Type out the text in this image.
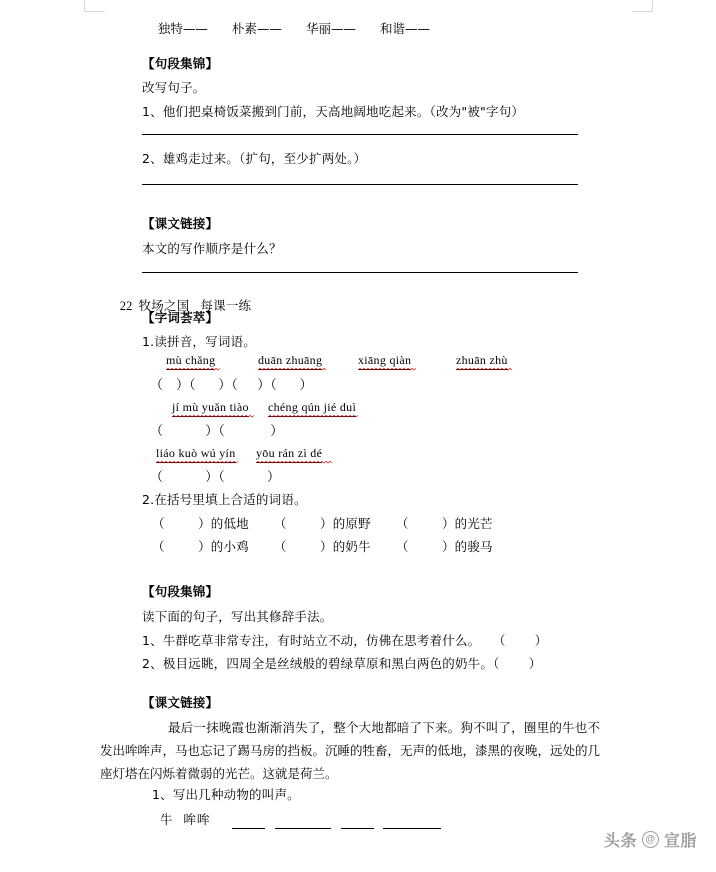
独特—— 朴素—— 华丽—— 和谐——

【句段集锦】
改写句子。
1、他们把桌椅饭菜搬到门前，天高地阔地吃起来。（改为"被"字句）
2、雄鸡走过来。（扩句，至少扩两处。）
【课文链接】
本文的写作顺序是什么？

22 牧场之国 每课一练

【字词荟萃】
1.读拼音，写词语。
mù chǎng	duān zhuāng	xiāng qiàn	zhuān zhù
（    ）（       ）（      ）（       ）
jí mù yuǎn tiào chéng qún jié duì
（             ）（              ）
liáo kuò wú yín yōu rán zì dé
（             ）（             ）
2.在括号里填上合适的词语。
（        ）的低地      （        ）的原野      （        ）的光芒
（        ）的小鸡      （        ）的奶牛      （        ）的骏马
【句段集锦】
读下面的句子，写出其修辞手法。
1、牛群吃草非常专注，有时站立不动，仿佛在思考着什么。   （       ）
2、极目远眺，四周全是丝绒般的碧绿草原和黑白两色的奶牛。（       ）
【课文链接】
最后一抹晚霞也渐渐消失了，整个大地都暗了下来。狗不叫了，圈里的牛也不发出哞哞声，马也忘记了踢马房的挡板。沉睡的牲畜，无声的低地，漆黑的夜晚，远处的几座灯塔在闪烁着微弱的光芒。这就是荷兰。
1、写出几种动物的叫声。
牛  哞哞
头条 @ 宣脂
